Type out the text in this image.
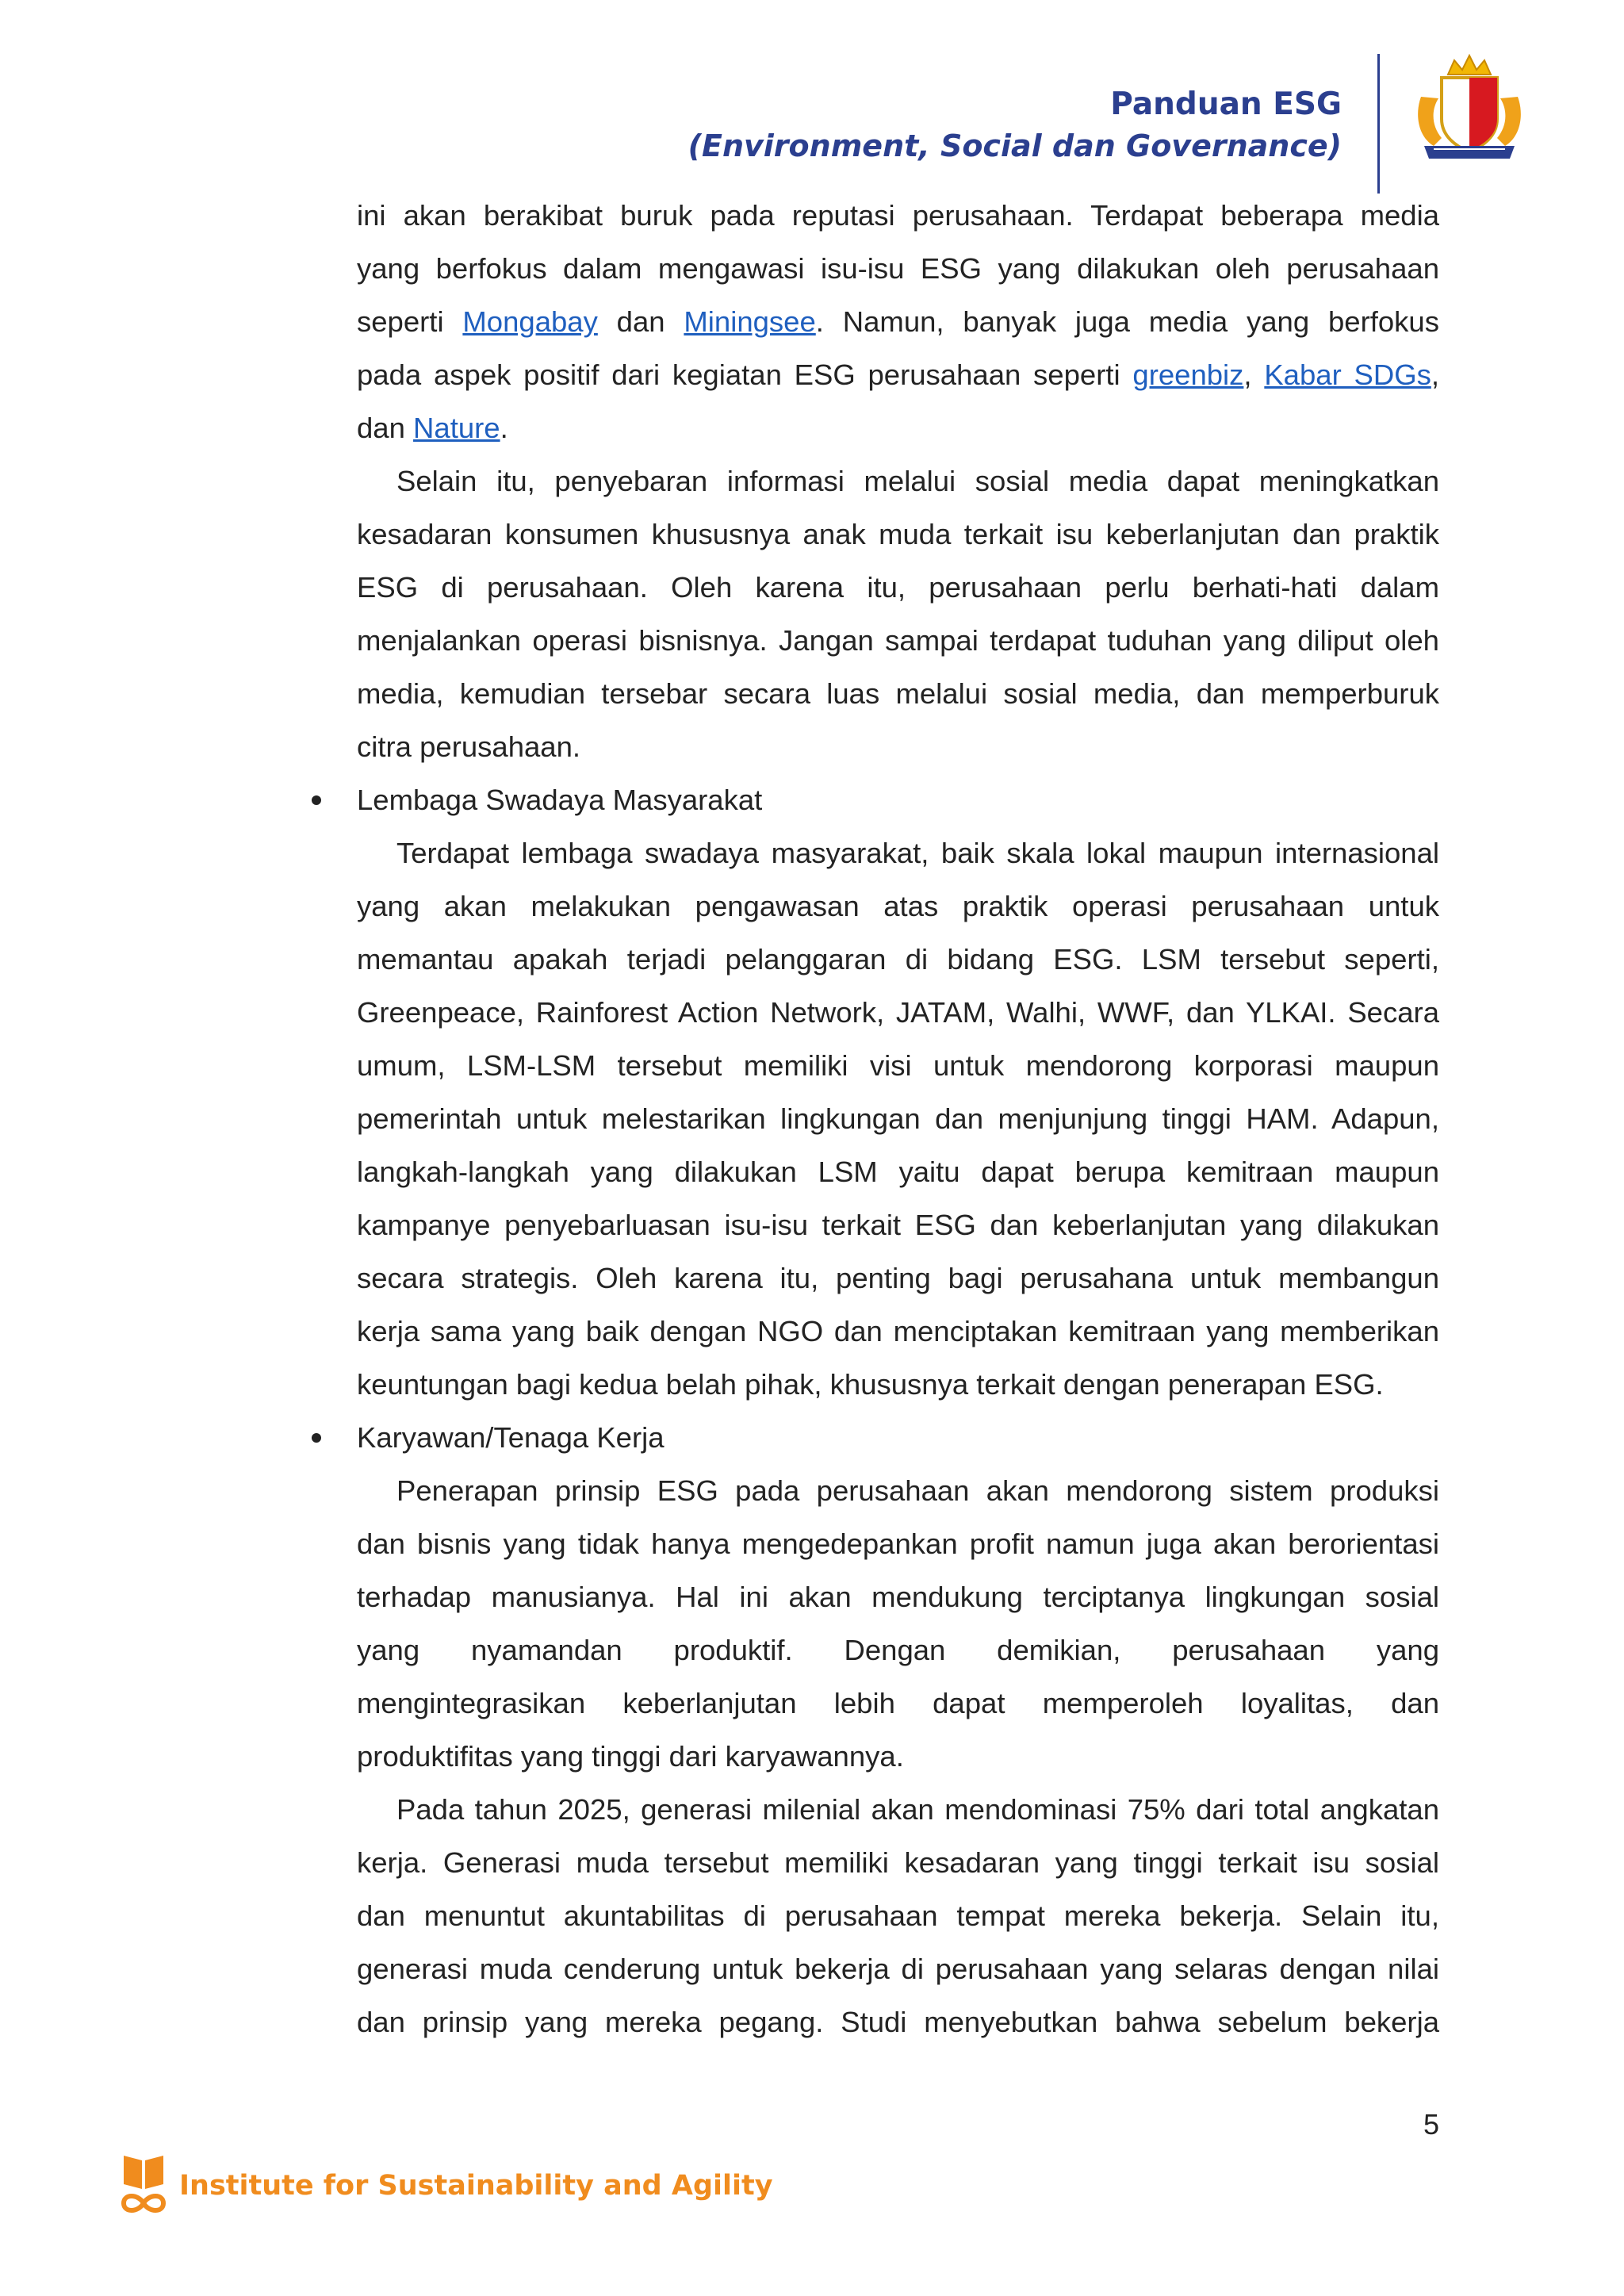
Panduan ESG
(Environment, Social dan Governance)
ini akan berakibat buruk pada reputasi perusahaan. Terdapat beberapa media
yang berfokus dalam mengawasi isu-isu ESG yang dilakukan oleh perusahaan
seperti Mongabay dan Miningsee. Namun, banyak juga media yang berfokus
pada aspek positif dari kegiatan ESG perusahaan seperti greenbiz, Kabar SDGs,
dan Nature.
Selain itu, penyebaran informasi melalui sosial media dapat meningkatkan
kesadaran konsumen khususnya anak muda terkait isu keberlanjutan dan praktik
ESG di perusahaan. Oleh karena itu, perusahaan perlu berhati-hati dalam
menjalankan operasi bisnisnya. Jangan sampai terdapat tuduhan yang diliput oleh
media, kemudian tersebar secara luas melalui sosial media, dan memperburuk
citra perusahaan.
Lembaga Swadaya Masyarakat
Terdapat lembaga swadaya masyarakat, baik skala lokal maupun internasional
yang akan melakukan pengawasan atas praktik operasi perusahaan untuk
memantau apakah terjadi pelanggaran di bidang ESG. LSM tersebut seperti,
Greenpeace, Rainforest Action Network, JATAM, Walhi, WWF, dan YLKAI. Secara
umum, LSM-LSM tersebut memiliki visi untuk mendorong korporasi maupun
pemerintah untuk melestarikan lingkungan dan menjunjung tinggi HAM. Adapun,
langkah-langkah yang dilakukan LSM yaitu dapat berupa kemitraan maupun
kampanye penyebarluasan isu-isu terkait ESG dan keberlanjutan yang dilakukan
secara strategis. Oleh karena itu, penting bagi perusahana untuk membangun
kerja sama yang baik dengan NGO dan menciptakan kemitraan yang memberikan
keuntungan bagi kedua belah pihak, khususnya terkait dengan penerapan ESG.
Karyawan/Tenaga Kerja
Penerapan prinsip ESG pada perusahaan akan mendorong sistem produksi
dan bisnis yang tidak hanya mengedepankan profit namun juga akan berorientasi
terhadap manusianya. Hal ini akan mendukung terciptanya lingkungan sosial
yang nyamandan produktif. Dengan demikian, perusahaan yang
mengintegrasikan keberlanjutan lebih dapat memperoleh loyalitas, dan
produktifitas yang tinggi dari karyawannya.
Pada tahun 2025, generasi milenial akan mendominasi 75% dari total angkatan
kerja. Generasi muda tersebut memiliki kesadaran yang tinggi terkait isu sosial
dan menuntut akuntabilitas di perusahaan tempat mereka bekerja. Selain itu,
generasi muda cenderung untuk bekerja di perusahaan yang selaras dengan nilai
dan prinsip yang mereka pegang. Studi menyebutkan bahwa sebelum bekerja
5
Institute for Sustainability and Agility
